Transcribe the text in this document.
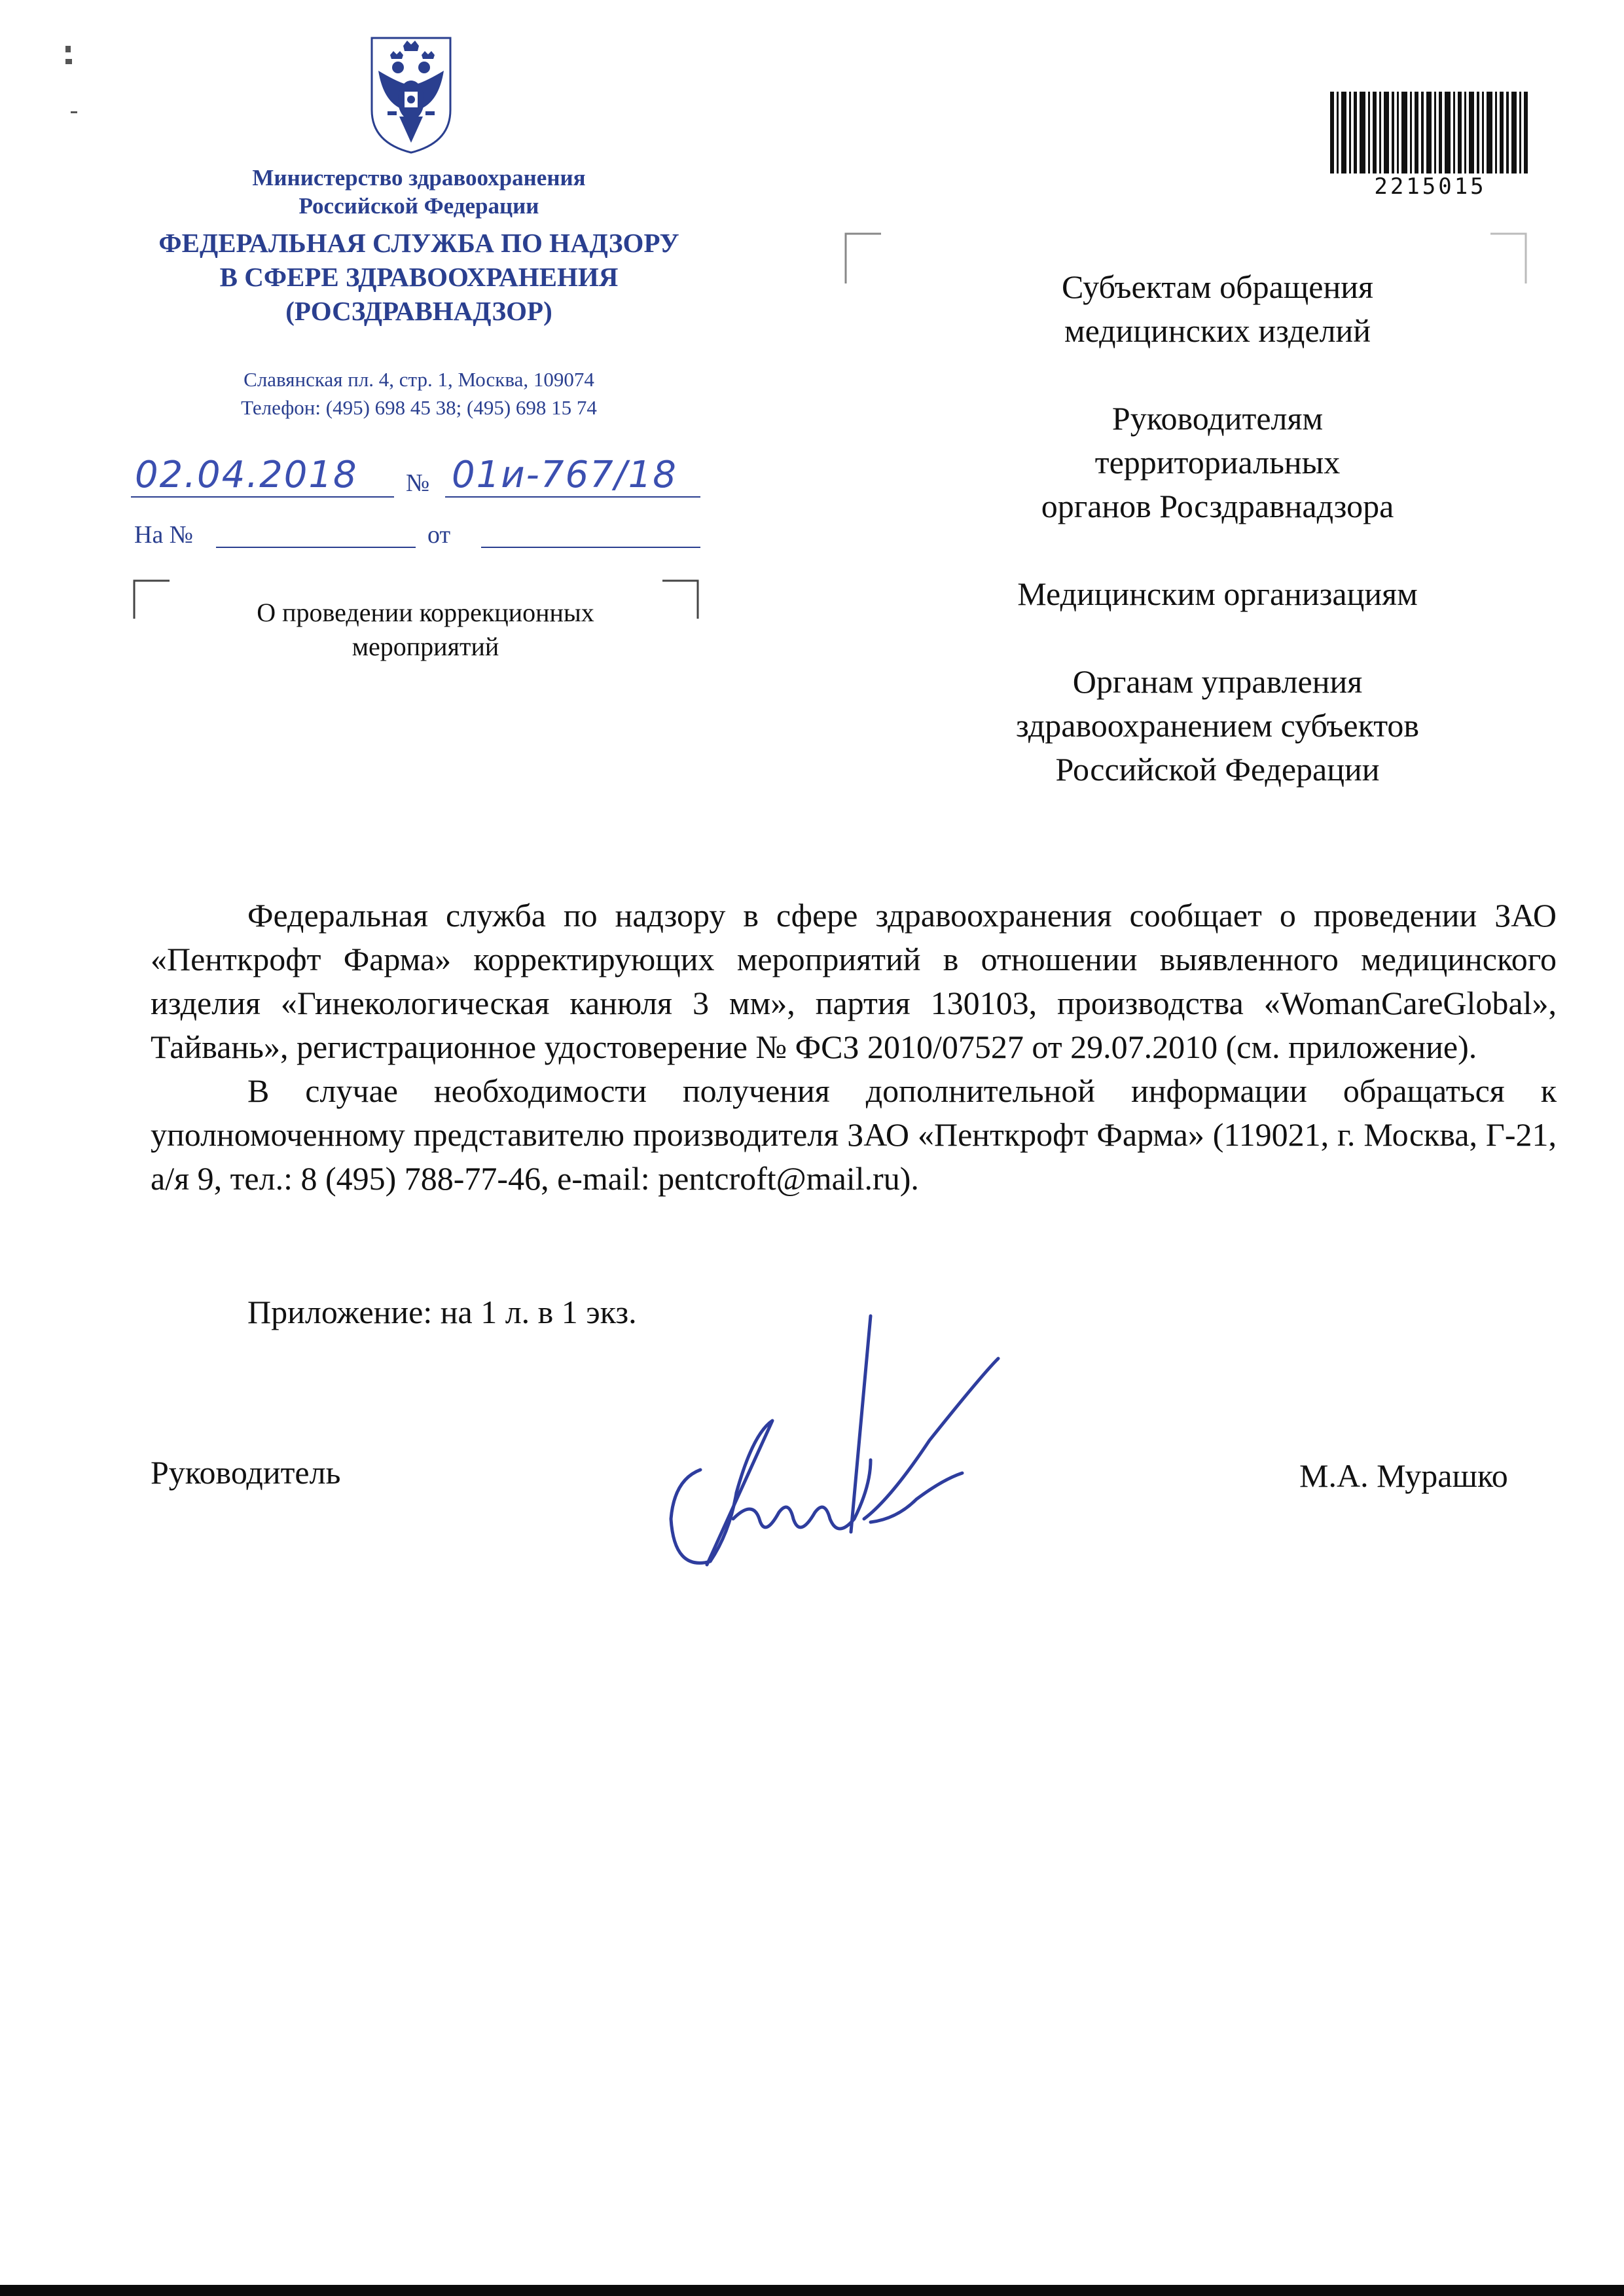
Министерство здравоохранения
Российской Федерации
ФЕДЕРАЛЬНАЯ СЛУЖБА ПО НАДЗОРУ
В СФЕРЕ ЗДРАВООХРАНЕНИЯ
(РОСЗДРАВНАДЗОР)
Славянская пл. 4, стр. 1, Москва, 109074
Телефон: (495) 698 45 38; (495) 698 15 74
02.04.2018 № 01и-767/18
На №	от
О проведении коррекционных
мероприятий
2215015

Субъектам обращения
медицинских изделий

Руководителям
территориальных
органов Росздравнадзора

Медицинским организациям

Органам управления
здравоохранением субъектов
Российской Федерации

Федеральная служба по надзору в сфере здравоохранения сообщает о проведении ЗАО «Пенткрофт Фарма» корректирующих мероприятий в отношении выявленного медицинского изделия «Гинекологическая канюля 3 мм», партия 130103, производства «WomanCareGlobal», Тайвань», регистрационное удостоверение № ФСЗ 2010/07527 от 29.07.2010 (см. приложение).

В случае необходимости получения дополнительной информации обращаться к уполномоченному представителю производителя ЗАО «Пенткрофт Фарма» (119021, г. Москва, Г-21, а/я 9, тел.: 8 (495) 788-77-46, e-mail: pentcroft@mail.ru).

Приложение: на 1 л. в 1 экз.
Руководитель	М.А. Мурашко
